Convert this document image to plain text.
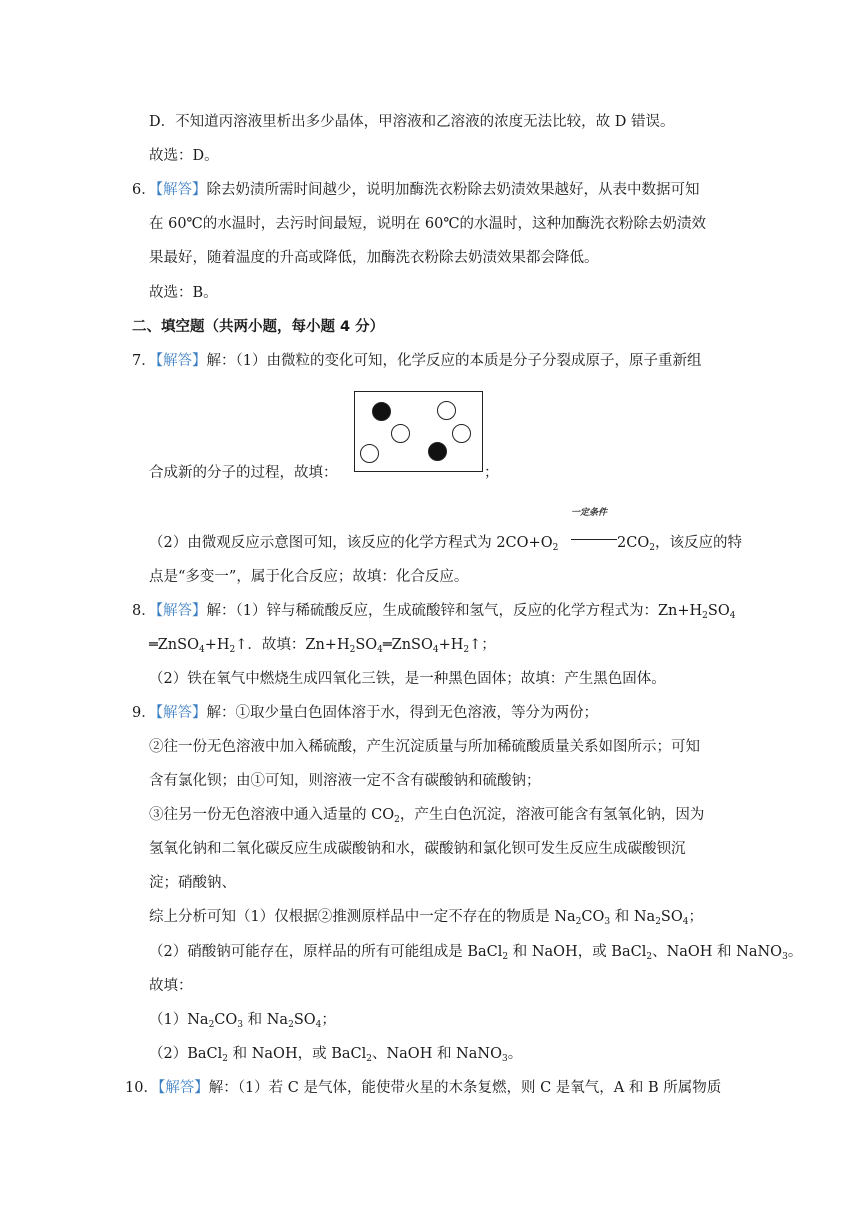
D．不知道丙溶液里析出多少晶体，甲溶液和乙溶液的浓度无法比较，故 D 错误。
故选：D。
6．【解答】除去奶渍所需时间越少，说明加酶洗衣粉除去奶渍效果越好，从表中数据可知
在 60℃的水温时，去污时间最短，说明在 60℃的水温时，这种加酶洗衣粉除去奶渍效
果最好，随着温度的升高或降低，加酶洗衣粉除去奶渍效果都会降低。
故选：B。
二、填空题（共两小题，每小题 4 分）
7．【解答】解：（1）由微粒的变化可知，化学反应的本质是分子分裂成原子，原子重新组
合成新的分子的过程，故填：	；
一定条件
（2）由微观反应示意图可知，该反应的化学方程式为 $2CO+O_2$	$2CO_2$，该反应的特
点是“多变一”，属于化合反应；故填：化合反应。
8．【解答】解：（1）锌与稀硫酸反应，生成硫酸锌和氢气，反应的化学方程式为：$Zn+H_2SO_4$
$═ZnSO_4+H_2↑$．故填：$Zn+H_2SO_4═ZnSO_4+H_2↑$；
（2）铁在氧气中燃烧生成四氧化三铁，是一种黑色固体；故填：产生黑色固体。
9．【解答】解：①取少量白色固体溶于水，得到无色溶液，等分为两份；
②往一份无色溶液中加入稀硫酸，产生沉淀质量与所加稀硫酸质量关系如图所示；可知
含有氯化钡；由①可知，则溶液一定不含有碳酸钠和硫酸钠；
③往另一份无色溶液中通入适量的 $CO_2$，产生白色沉淀，溶液可能含有氢氧化钠，因为
氢氧化钠和二氧化碳反应生成碳酸钠和水，碳酸钠和氯化钡可发生反应生成碳酸钡沉
淀；硝酸钠、
综上分析可知（1）仅根据②推测原样品中一定不存在的物质是 $Na_2CO_3$ 和 $Na_2SO_4$；
（2）硝酸钠可能存在，原样品的所有可能组成是 BaCl$_2$ 和 NaOH，或 BaCl$_2$、NaOH 和 NaNO$_3$。
故填：
$(1)Na_2CO_3$ 和 $Na_2SO_4$；
（2）BaCl$_2$ 和 NaOH，或 BaCl$_2$、NaOH 和 NaNO$_3$。
10．【解答】解：（1）若 C 是气体，能使带火星的木条复燃，则 C 是氧气，A 和 B 所属物质
